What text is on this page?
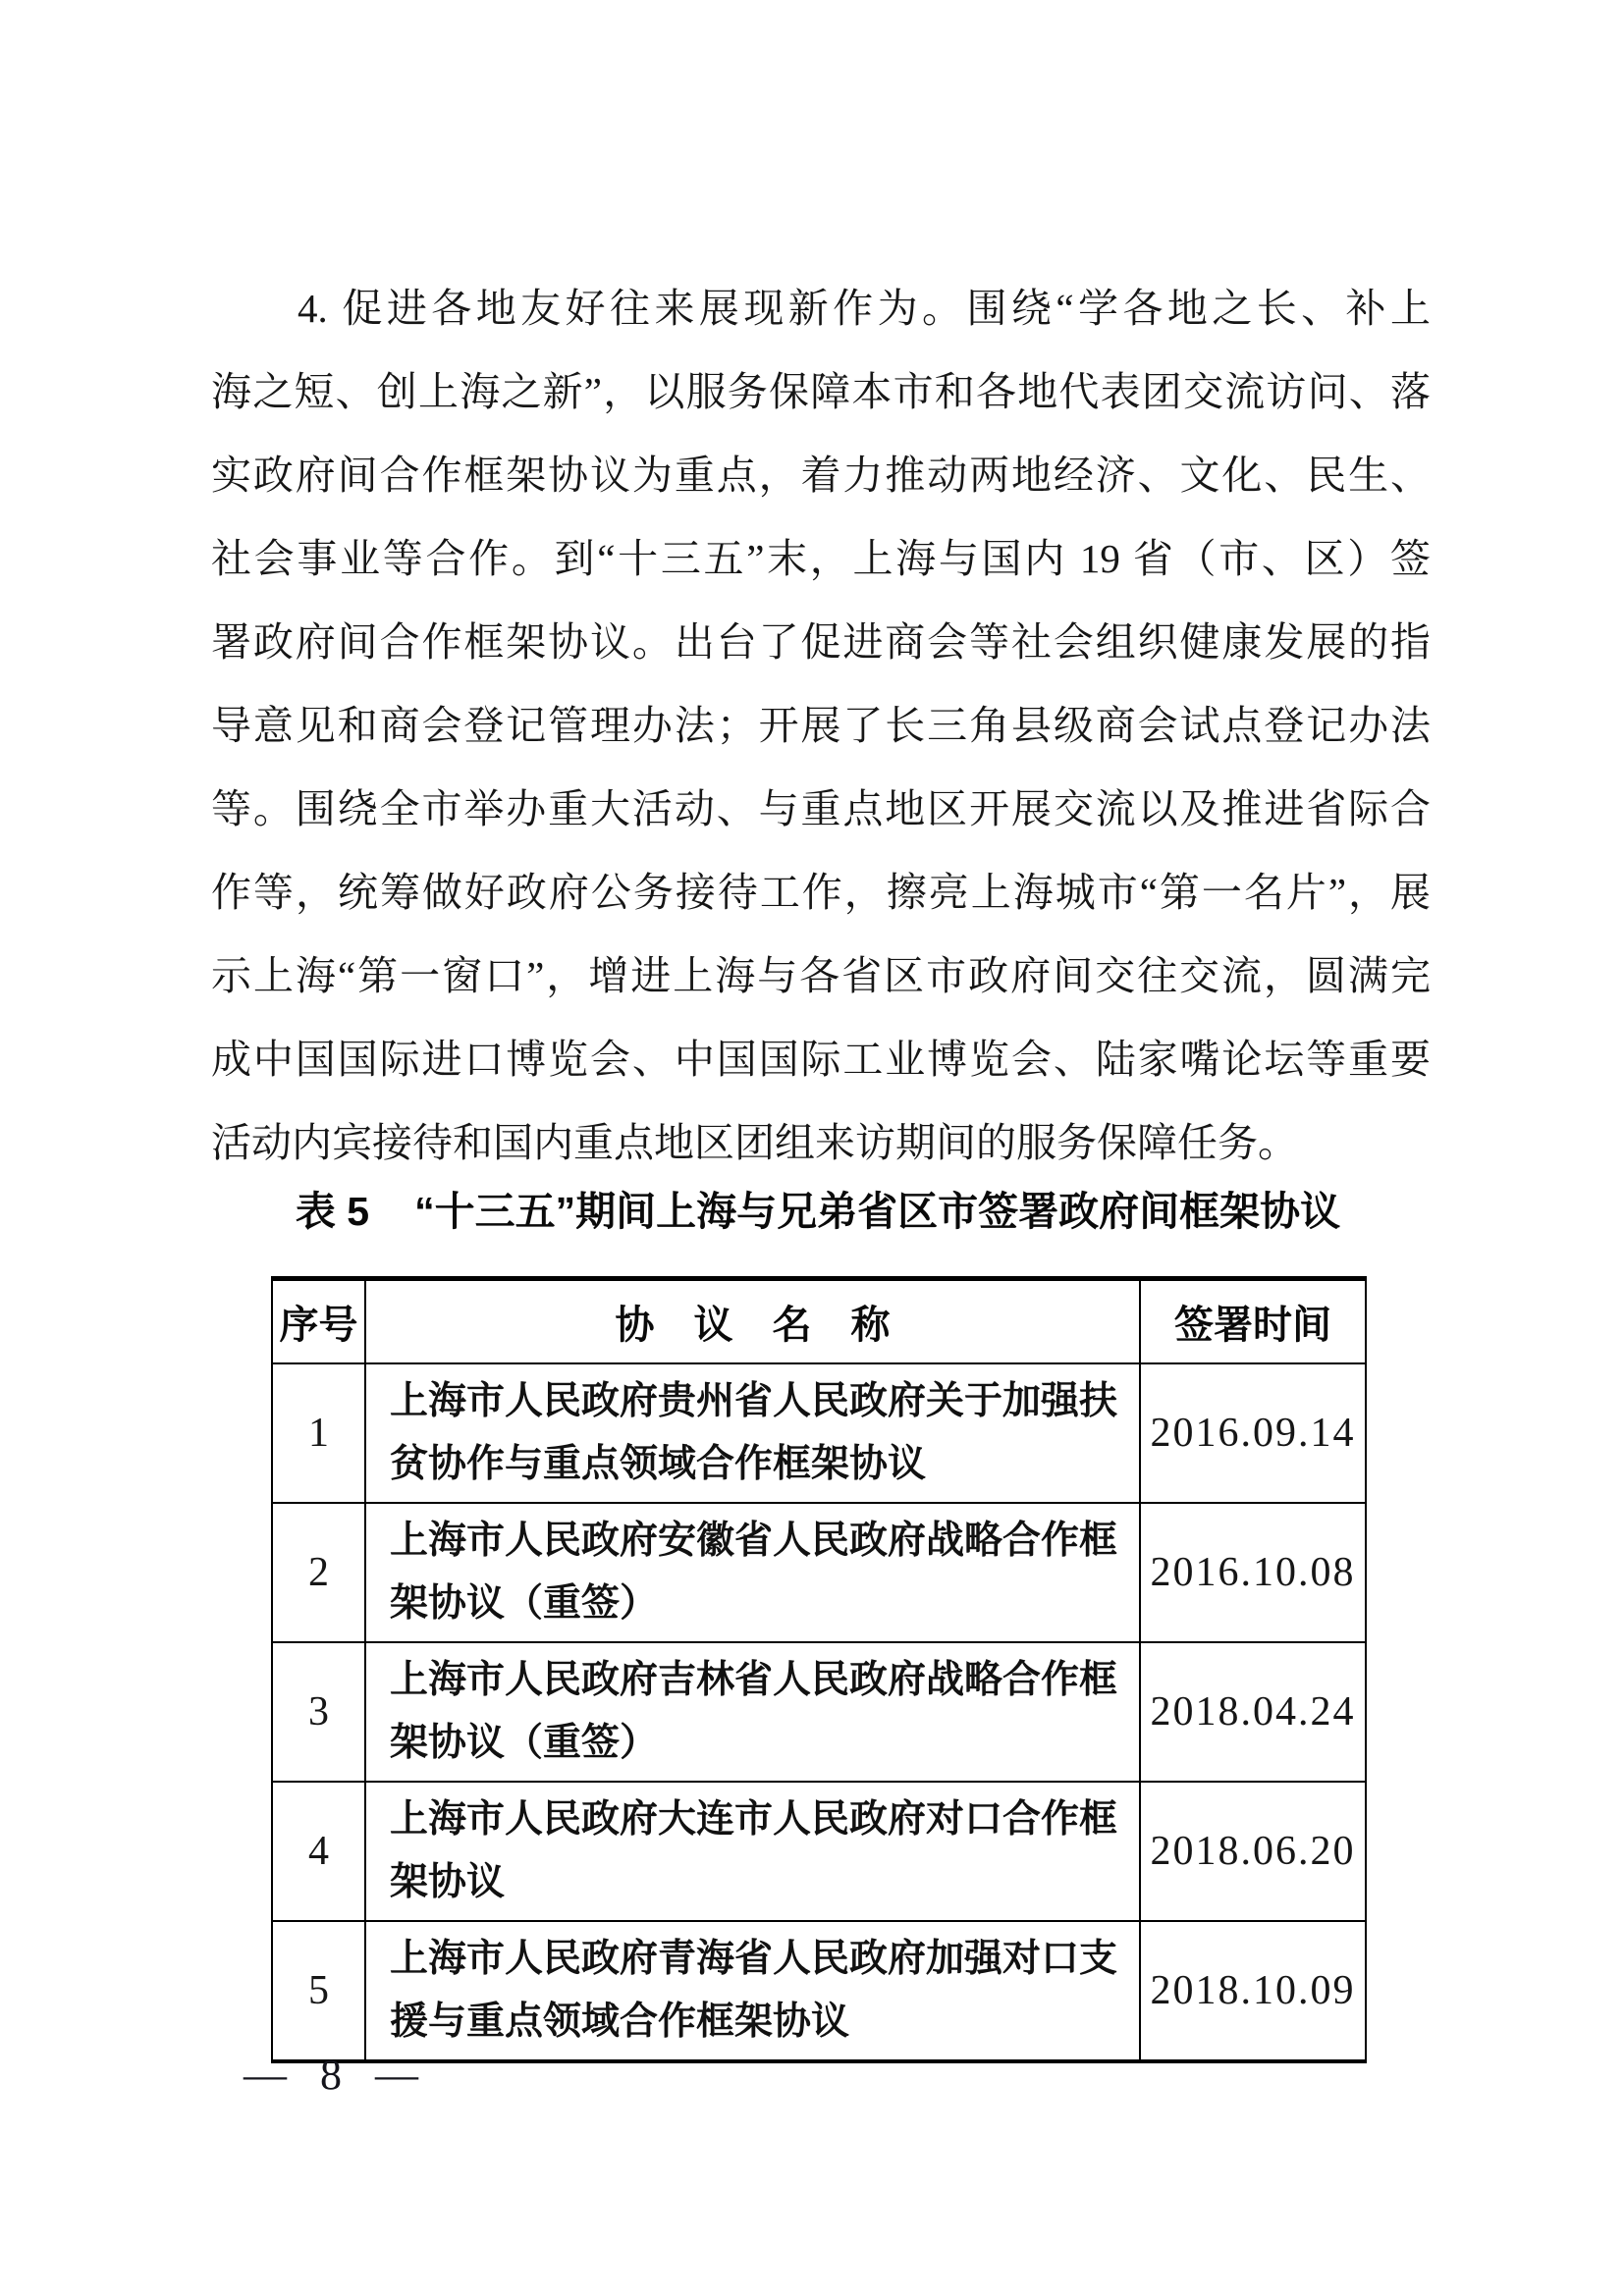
4. 促进各地友好往来展现新作为。围绕“学各地之长、补上
海之短、创上海之新”，以服务保障本市和各地代表团交流访问、落
实政府间合作框架协议为重点，着力推动两地经济、文化、民生、
社会事业等合作。到“十三五”末，上海与国内 19 省（市、区）签
署政府间合作框架协议。出台了促进商会等社会组织健康发展的指
导意见和商会登记管理办法；开展了长三角县级商会试点登记办法
等。围绕全市举办重大活动、与重点地区开展交流以及推进省际合
作等，统筹做好政府公务接待工作，擦亮上海城市“第一名片”，展
示上海“第一窗口”，增进上海与各省区市政府间交往交流，圆满完
成中国国际进口博览会、中国国际工业博览会、陆家嘴论坛等重要
活动内宾接待和国内重点地区团组来访期间的服务保障任务。
表 5 “十三五”期间上海与兄弟省区市签署政府间框架协议
序号	协　议　名　称	签署时间
1	上海市人民政府贵州省人民政府关于加强扶贫协作与重点领域合作框架协议	2016.09.14
2	上海市人民政府安徽省人民政府战略合作框架协议（重签）	2016.10.08
3	上海市人民政府吉林省人民政府战略合作框架协议（重签）	2018.04.24
4	上海市人民政府大连市人民政府对口合作框架协议	2018.06.20
5	上海市人民政府青海省人民政府加强对口支援与重点领域合作框架协议	2018.10.09
— 8 —
